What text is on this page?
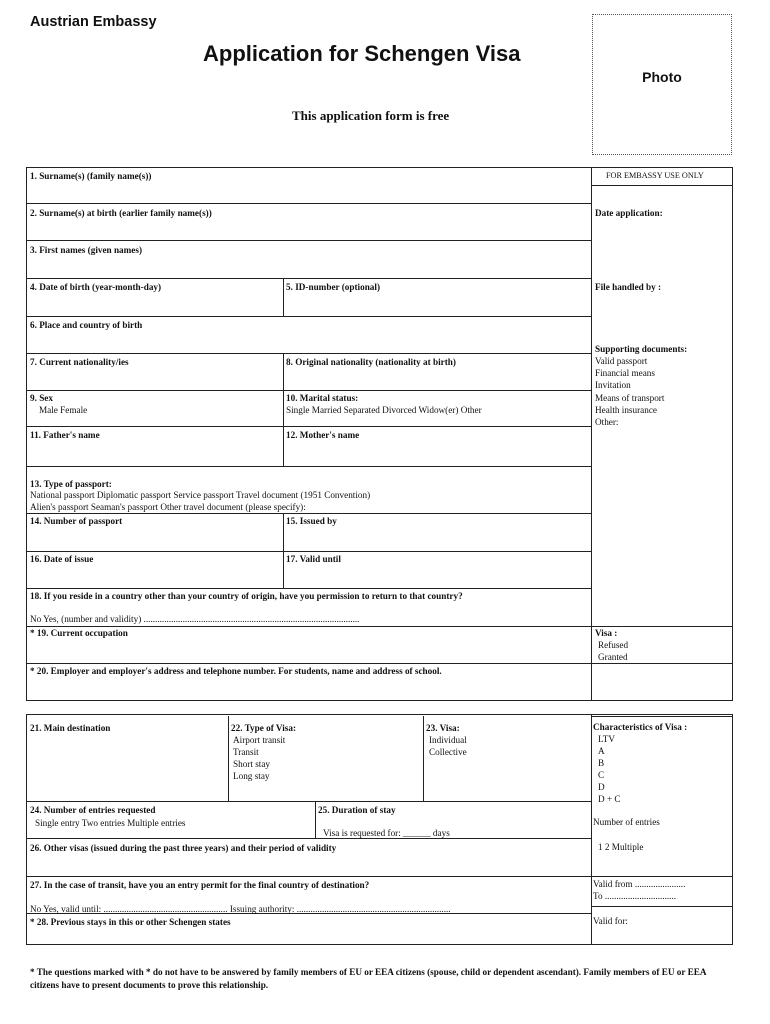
Austrian Embassy
Application for Schengen Visa
This application form is free
Photo
1. Surname(s) (family name(s))
2. Surname(s) at birth (earlier family name(s))
3. First names (given names)
4. Date of birth (year-month-day)	5. ID-number (optional)
6. Place and country of birth
7. Current nationality/ies	8. Original nationality (nationality at birth)
9. Sex
Male Female
10. Marital status:
Single Married Separated Divorced Widow(er) Other
11. Father's name	12. Mother's name
13. Type of passport:
National passport Diplomatic passport Service passport Travel document (1951 Convention)
Alien's passport Seaman's passport Other travel document (please specify):
14. Number of passport	15. Issued by
16. Date of issue	17. Valid until
18. If you reside in a country other than your country of origin, have you permission to return to that country?
No Yes, (number and validity) ..............................................................................................
* 19. Current occupation
* 20. Employer and employer's address and telephone number. For students, name and address of school.
21. Main destination	22. Type of Visa:
Airport transit
Transit
Short stay
Long stay
23. Visa:
Individual
Collective
24. Number of entries requested
Single entry Two entries Multiple entries
25. Duration of stay
Visa is requested for: ______ days
26. Other visas (issued during the past three years) and their period of validity
27. In the case of transit, have you an entry permit for the final country of destination?
No Yes, valid until: ...................................................... Issuing authority: ...................................................................
* 28. Previous stays in this or other Schengen states
FOR EMBASSY USE ONLY
Date application:
File handled by :
Supporting documents:
Valid passport
Financial means
Invitation
Means of transport
Health insurance
Other:
Visa :
Refused
Granted
Characteristics of Visa :
LTV
A
B
C
D
D + C
Number of entries
1 2 Multiple
Valid from ......................
To ...............................
Valid for:
* The questions marked with * do not have to be answered by family members of EU or EEA citizens (spouse, child or dependent ascendant). Family members of EU or EEA citizens have to present documents to prove this relationship.
